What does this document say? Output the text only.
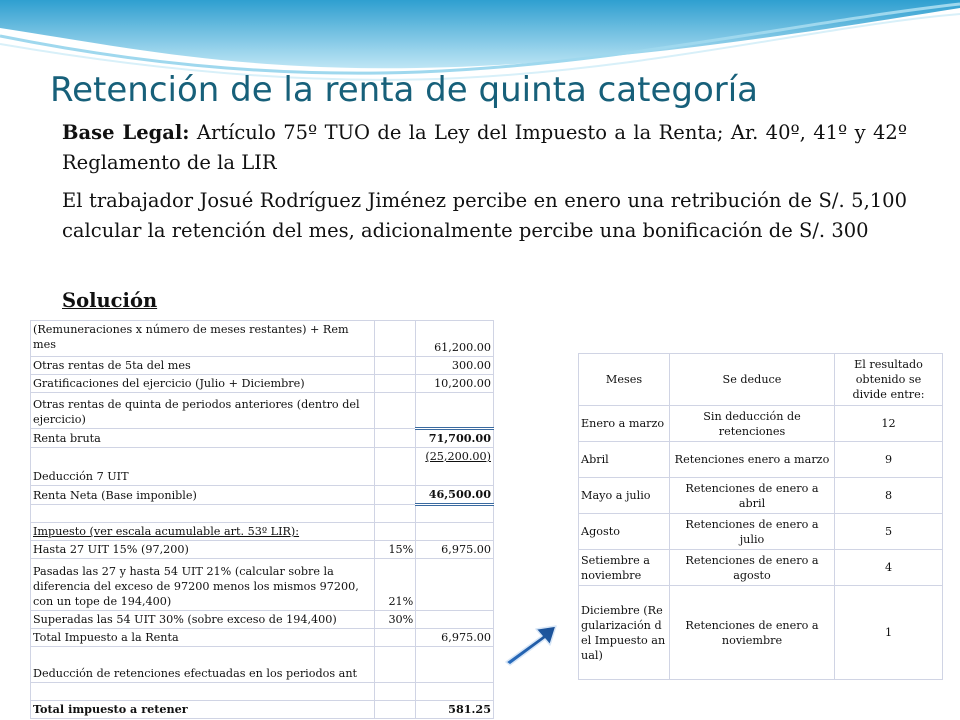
Retención de la renta de quinta categoría
Base Legal: Artículo 75º TUO de la Ley del Impuesto a la Renta; Ar. 40º, 41º y 42º Reglamento de la LIR
El trabajador Josué Rodríguez Jiménez percibe en enero una retribución de S/. 5,100 calcular la retención del mes, adicionalmente percibe una bonificación de S/. 300
Solución
(Remuneraciones x número de meses restantes) + Rem mes		61,200.00
Otras rentas de 5ta del mes		300.00
Gratificaciones del ejercicio (Julio + Diciembre)		10,200.00
Otras rentas de quinta de periodos anteriores (dentro del ejercicio)		
Renta bruta		71,700.00
Deducción 7 UIT		(25,200.00)
Renta Neta (Base imponible)		46,500.00

Impuesto (ver escala acumulable art. 53º LIR):		
Hasta 27 UIT 15% (97,200)	15%	6,975.00
Pasadas las 27 y hasta 54 UIT 21% (calcular sobre la diferencia del exceso de 97200 menos los mismos 97200, con un tope de 194,400)	21%	
Superadas las 54 UIT 30% (sobre exceso de 194,400)	30%	
Total Impuesto a la Renta		6,975.00
Deducción de retenciones efectuadas en los periodos ant		

Total impuesto a retener		581.25
Meses	Se deduce	El resultado obtenido se divide entre:
Enero a marzo	Sin deducción de retenciones	12
Abril	Retenciones enero a marzo	9
Mayo a julio	Retenciones de enero a abril	8
Agosto	Retenciones de enero a julio	5
Setiembre a noviembre	Retenciones de enero a agosto	4
Diciembre (Regularización del Impuesto anual)	Retenciones de enero a noviembre	1
